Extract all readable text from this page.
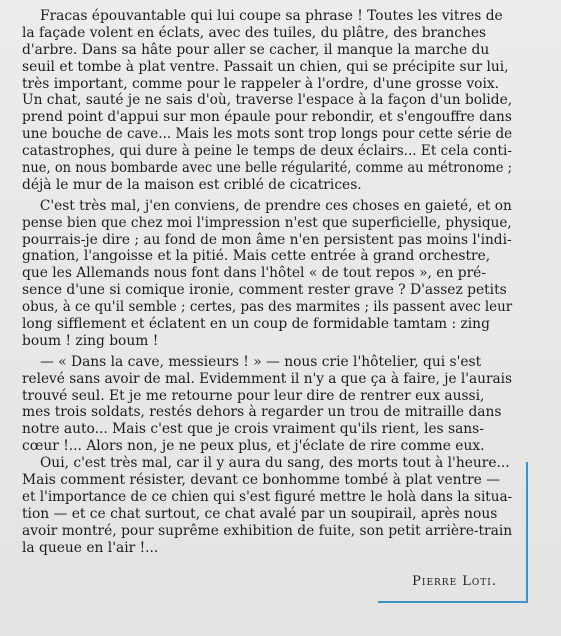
Fracas épouvantable qui lui coupe sa phrase ! Toutes les vitres de
la façade volent en éclats, avec des tuiles, du plâtre, des branches
d'arbre. Dans sa hâte pour aller se cacher, il manque la marche du
seuil et tombe à plat ventre. Passait un chien, qui se précipite sur lui,
très important, comme pour le rappeler à l'ordre, d'une grosse voix.
Un chat, sauté je ne sais d'où, traverse l'espace à la façon d'un bolide,
prend point d'appui sur mon épaule pour rebondir, et s'engouffre dans
une bouche de cave... Mais les mots sont trop longs pour cette série de
catastrophes, qui dure à peine le temps de deux éclairs... Et cela conti-
nue, on nous bombarde avec une belle régularité, comme au métronome ;
déjà le mur de la maison est criblé de cicatrices.
C'est très mal, j'en conviens, de prendre ces choses en gaieté, et on
pense bien que chez moi l'impression n'est que superficielle, physique,
pourrais-je dire ; au fond de mon âme n'en persistent pas moins l'indi-
gnation, l'angoisse et la pitié. Mais cette entrée à grand orchestre,
que les Allemands nous font dans l'hôtel « de tout repos », en pré-
sence d'une si comique ironie, comment rester grave ? D'assez petits
obus, à ce qu'il semble ; certes, pas des marmites ; ils passent avec leur
long sifflement et éclatent en un coup de formidable tamtam : zing
boum ! zing boum !
— « Dans la cave, messieurs ! » — nous crie l'hôtelier, qui s'est
relevé sans avoir de mal. Evidemment il n'y a que ça à faire, je l'aurais
trouvé seul. Et je me retourne pour leur dire de rentrer eux aussi,
mes trois soldats, restés dehors à regarder un trou de mitraille dans
notre auto... Mais c'est que je crois vraiment qu'ils rient, les sans-
cœur !... Alors non, je ne peux plus, et j'éclate de rire comme eux.
Oui, c'est très mal, car il y aura du sang, des morts tout à l'heure...
Mais comment résister, devant ce bonhomme tombé à plat ventre —
et l'importance de ce chien qui s'est figuré mettre le holà dans la situa-
tion — et ce chat surtout, ce chat avalé par un soupirail, après nous
avoir montré, pour suprême exhibition de fuite, son petit arrière-train
la queue en l'air !...
Pierre Loti.
